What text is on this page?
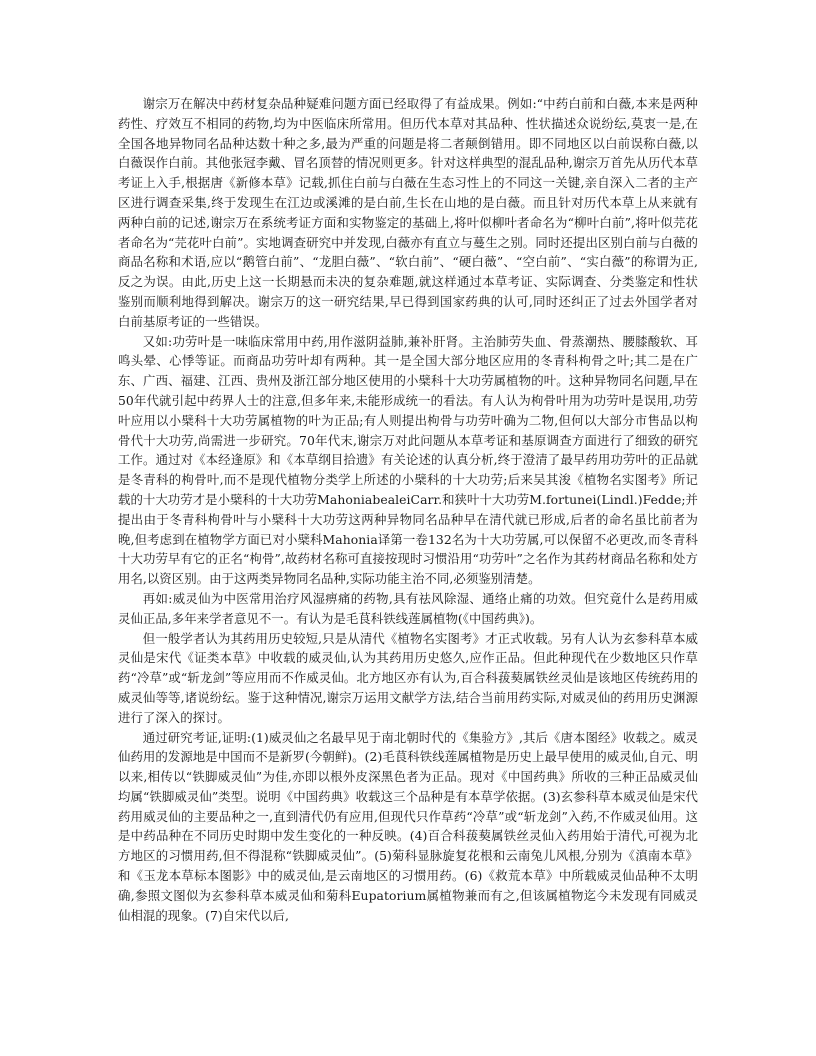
谢宗万在解决中药材复杂品种疑难问题方面已经取得了有益成果。例如:“中药白前和白薇,本来是两种药性、疗效互不相同的药物,均为中医临床所常用。但历代本草对其品种、性状描述众说纷纭,莫衷一是,在全国各地异物同名品种达数十种之多,最为严重的问题是将二者颠倒错用。即不同地区以白前误称白薇,以白薇误作白前。其他张冠李戴、冒名顶替的情况则更多。针对这样典型的混乱品种,谢宗万首先从历代本草考证上入手,根据唐《新修本草》记载,抓住白前与白薇在生态习性上的不同这一关键,亲自深入二者的主产区进行调查采集,终于发现生在江边或溪滩的是白前,生长在山地的是白薇。而且针对历代本草上从来就有两种白前的记述,谢宗万在系统考证方面和实物鉴定的基础上,将叶似柳叶者命名为“柳叶白前”,将叶似芫花者命名为“芫花叶白前”。实地调查研究中并发现,白薇亦有直立与蔓生之别。同时还提出区别白前与白薇的商品名称和术语,应以“鹅管白前”、“龙胆白薇”、“软白前”、“硬白薇”、“空白前”、“实白薇”的称谓为正,反之为误。由此,历史上这一长期悬而未决的复杂难题,就这样通过本草考证、实际调查、分类鉴定和性状鉴别而顺利地得到解决。谢宗万的这一研究结果,早已得到国家药典的认可,同时还纠正了过去外国学者对白前基原考证的一些错误。

又如:功劳叶是一味临床常用中药,用作滋阴益肺,兼补肝肾。主治肺劳失血、骨蒸潮热、腰膝酸软、耳鸣头晕、心悸等证。而商品功劳叶却有两种。其一是全国大部分地区应用的冬青科枸骨之叶;其二是在广东、广西、福建、江西、贵州及浙江部分地区使用的小檗科十大功劳属植物的叶。这种异物同名问题,早在50年代就引起中药界人士的注意,但多年来,未能形成统一的看法。有人认为枸骨叶用为功劳叶是误用,功劳叶应用以小檗科十大功劳属植物的叶为正品;有人则提出枸骨与功劳叶确为二物,但何以大部分市售品以枸骨代十大功劳,尚需进一步研究。70年代末,谢宗万对此问题从本草考证和基原调查方面进行了细致的研究工作。通过对《本经逢原》和《本草纲目拾遗》有关论述的认真分析,终于澄清了最早药用功劳叶的正品就是冬青科的枸骨叶,而不是现代植物分类学上所述的小檗科的十大功劳;后来吴其浚《植物名实图考》所记载的十大功劳才是小檗科的十大功劳MahoniabealeiCarr.和狭叶十大功劳M.fortunei(Lindl.)Fedde;并提出由于冬青科枸骨叶与小檗科十大功劳这两种异物同名品种早在清代就已形成,后者的命名虽比前者为晚,但考虑到在植物学方面已对小檗科Mahonia译第一卷132名为十大功劳属,可以保留不必更改,而冬青科十大功劳早有它的正名“枸骨”,故药材名称可直接按现时习惯沿用“功劳叶”之名作为其药材商品名称和处方用名,以资区别。由于这两类异物同名品种,实际功能主治不同,必须鉴别清楚。

再如:威灵仙为中医常用治疗风湿痹痛的药物,具有祛风除湿、通络止痛的功效。但究竟什么是药用威灵仙正品,多年来学者意见不一。有认为是毛茛科铁线莲属植物(《中国药典》)。

但一般学者认为其药用历史较短,只是从清代《植物名实图考》才正式收载。另有人认为玄参科草本威灵仙是宋代《证类本草》中收载的威灵仙,认为其药用历史悠久,应作正品。但此种现代在少数地区只作草药“冷草”或“斩龙剑”等应用而不作威灵仙。北方地区亦有认为,百合科菝葜属铁丝灵仙是该地区传统药用的威灵仙等等,诸说纷纭。鉴于这种情况,谢宗万运用文献学方法,结合当前用药实际,对威灵仙的药用历史渊源进行了深入的探讨。

通过研究考证,证明:(1)威灵仙之名最早见于南北朝时代的《集验方》,其后《唐本图经》收载之。威灵仙药用的发源地是中国而不是新罗(今朝鲜)。(2)毛茛科铁线莲属植物是历史上最早使用的威灵仙,自元、明以来,相传以“铁脚威灵仙”为佳,亦即以根外皮深黑色者为正品。现对《中国药典》所收的三种正品威灵仙均属“铁脚威灵仙”类型。说明《中国药典》收载这三个品种是有本草学依据。(3)玄参科草本威灵仙是宋代药用威灵仙的主要品种之一,直到清代仍有应用,但现代只作草药“冷草”或“斩龙剑”入药,不作威灵仙用。这是中药品种在不同历史时期中发生变化的一种反映。(4)百合科菝葜属铁丝灵仙入药用始于清代,可视为北方地区的习惯用药,但不得混称“铁脚威灵仙”。(5)菊科显脉旋复花根和云南兔儿风根,分别为《滇南本草》和《玉龙本草标本图影》中的威灵仙,是云南地区的习惯用药。(6)《救荒本草》中所载威灵仙品种不太明确,参照文图似为玄参科草本威灵仙和菊科Eupatorium属植物兼而有之,但该属植物迄今未发现有同威灵仙相混的现象。(7)自宋代以后,
